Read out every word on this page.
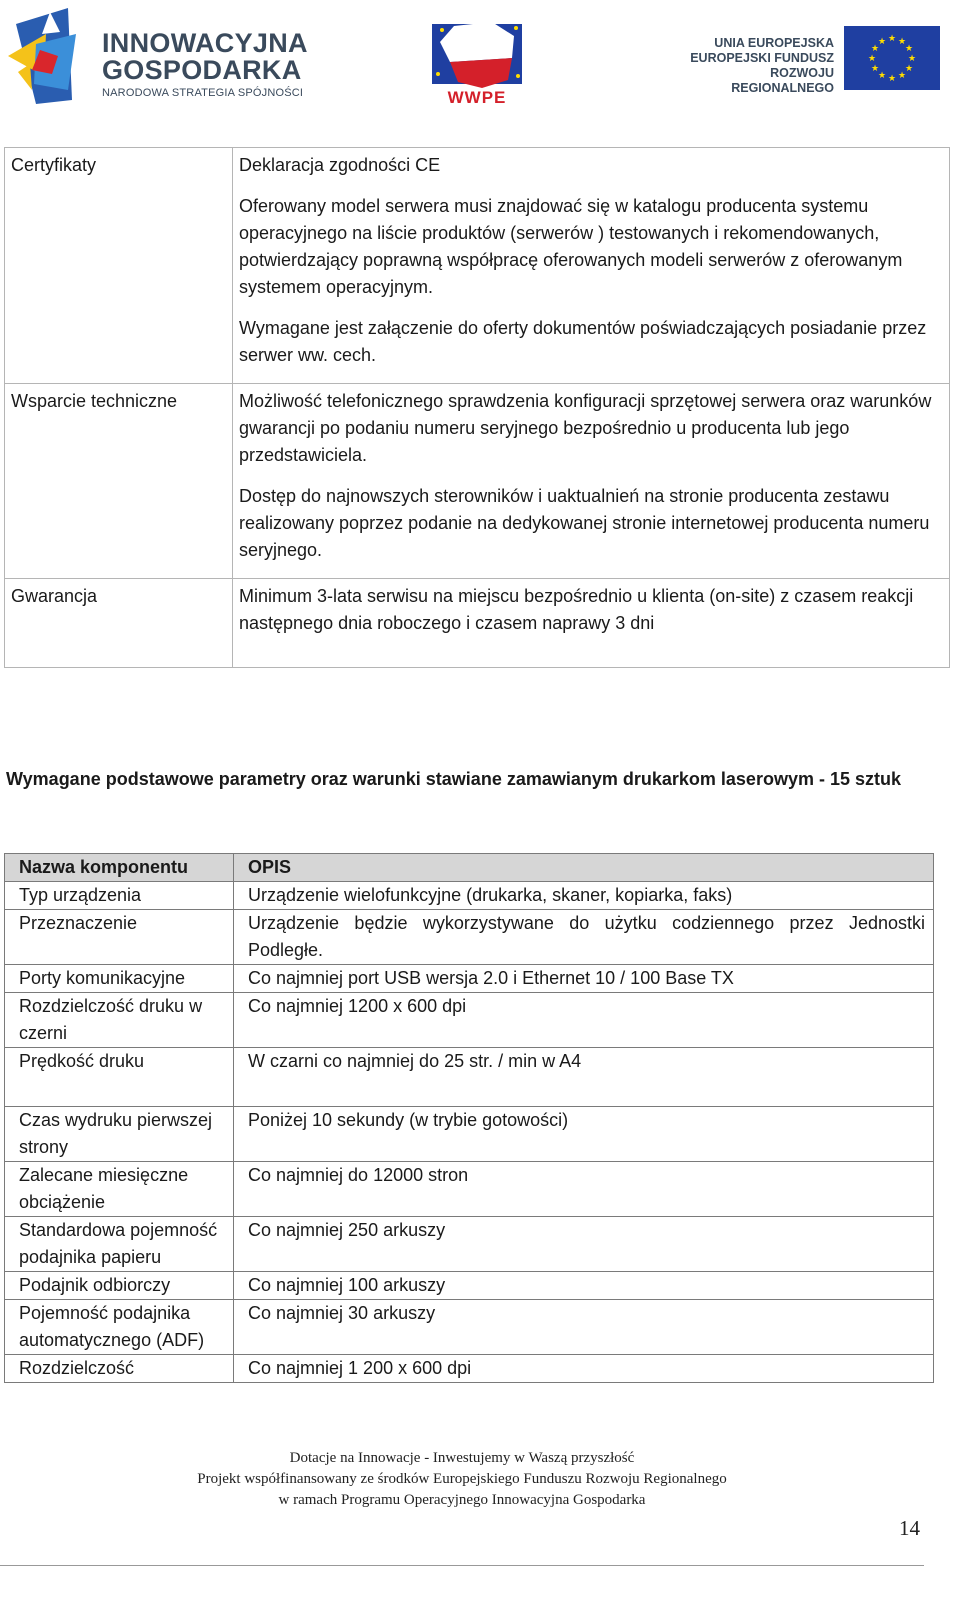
INNOWACYJNA
GOSPODARKA
NARODOWA STRATEGIA SPÓJNOŚCI	WWPE
UNIA EUROPEJSKA
EUROPEJSKI FUNDUSZ
ROZWOJU REGIONALNEGO
★ ★
★
★
★
★
★
★
★
★
★
★
Certyfikaty	Deklaracja zgodności CE

Oferowany model serwera musi znajdować się w katalogu producenta systemu operacyjnego na liście produktów (serwerów ) testowanych i rekomendowanych, potwierdzający poprawną współpracę oferowanych modeli serwerów z oferowanym systemem operacyjnym.

Wymagane jest załączenie do oferty dokumentów poświadczających posiadanie przez serwer ww. cech.

Wsparcie techniczne	Możliwość telefonicznego sprawdzenia konfiguracji sprzętowej serwera oraz warunków gwarancji po podaniu numeru seryjnego bezpośrednio u producenta lub jego przedstawiciela.

Dostęp do najnowszych sterowników i uaktualnień na stronie producenta zestawu realizowany poprzez podanie na dedykowanej stronie internetowej producenta numeru seryjnego.

Gwarancja	Minimum 3-lata serwisu na miejscu bezpośrednio u klienta (on-site) z czasem reakcji następnego dnia roboczego i czasem naprawy 3 dni

Wymagane podstawowe parametry oraz warunki stawiane zamawianym drukarkom laserowym - 15 sztuk
Nazwa komponentu	OPIS
Typ urządzenia	Urządzenie wielofunkcyjne (drukarka, skaner, kopiarka, faks)
Przeznaczenie	Urządzenie będzie wykorzystywane do użytku codziennego przez Jednostki Podległe.
Porty komunikacyjne	Co najmniej port USB wersja 2.0 i Ethernet 10 / 100 Base TX
Rozdzielczość druku w czerni	Co najmniej 1200 x 600 dpi
Prędkość druku	W czarni co najmniej do 25 str. / min w A4
Czas wydruku pierwszej strony	Poniżej 10 sekundy (w trybie gotowości)
Zalecane miesięczne obciążenie	Co najmniej do 12000 stron
Standardowa pojemność podajnika papieru	Co najmniej 250 arkuszy
Podajnik odbiorczy	Co najmniej 100 arkuszy
Pojemność podajnika automatycznego (ADF)	Co najmniej 30 arkuszy
Rozdzielczość	Co najmniej 1 200 x 600 dpi
Dotacje na Innowacje - Inwestujemy w Waszą przyszłość
Projekt współfinansowany ze środków Europejskiego Funduszu Rozwoju Regionalnego
w ramach Programu Operacyjnego Innowacyjna Gospodarka
14
